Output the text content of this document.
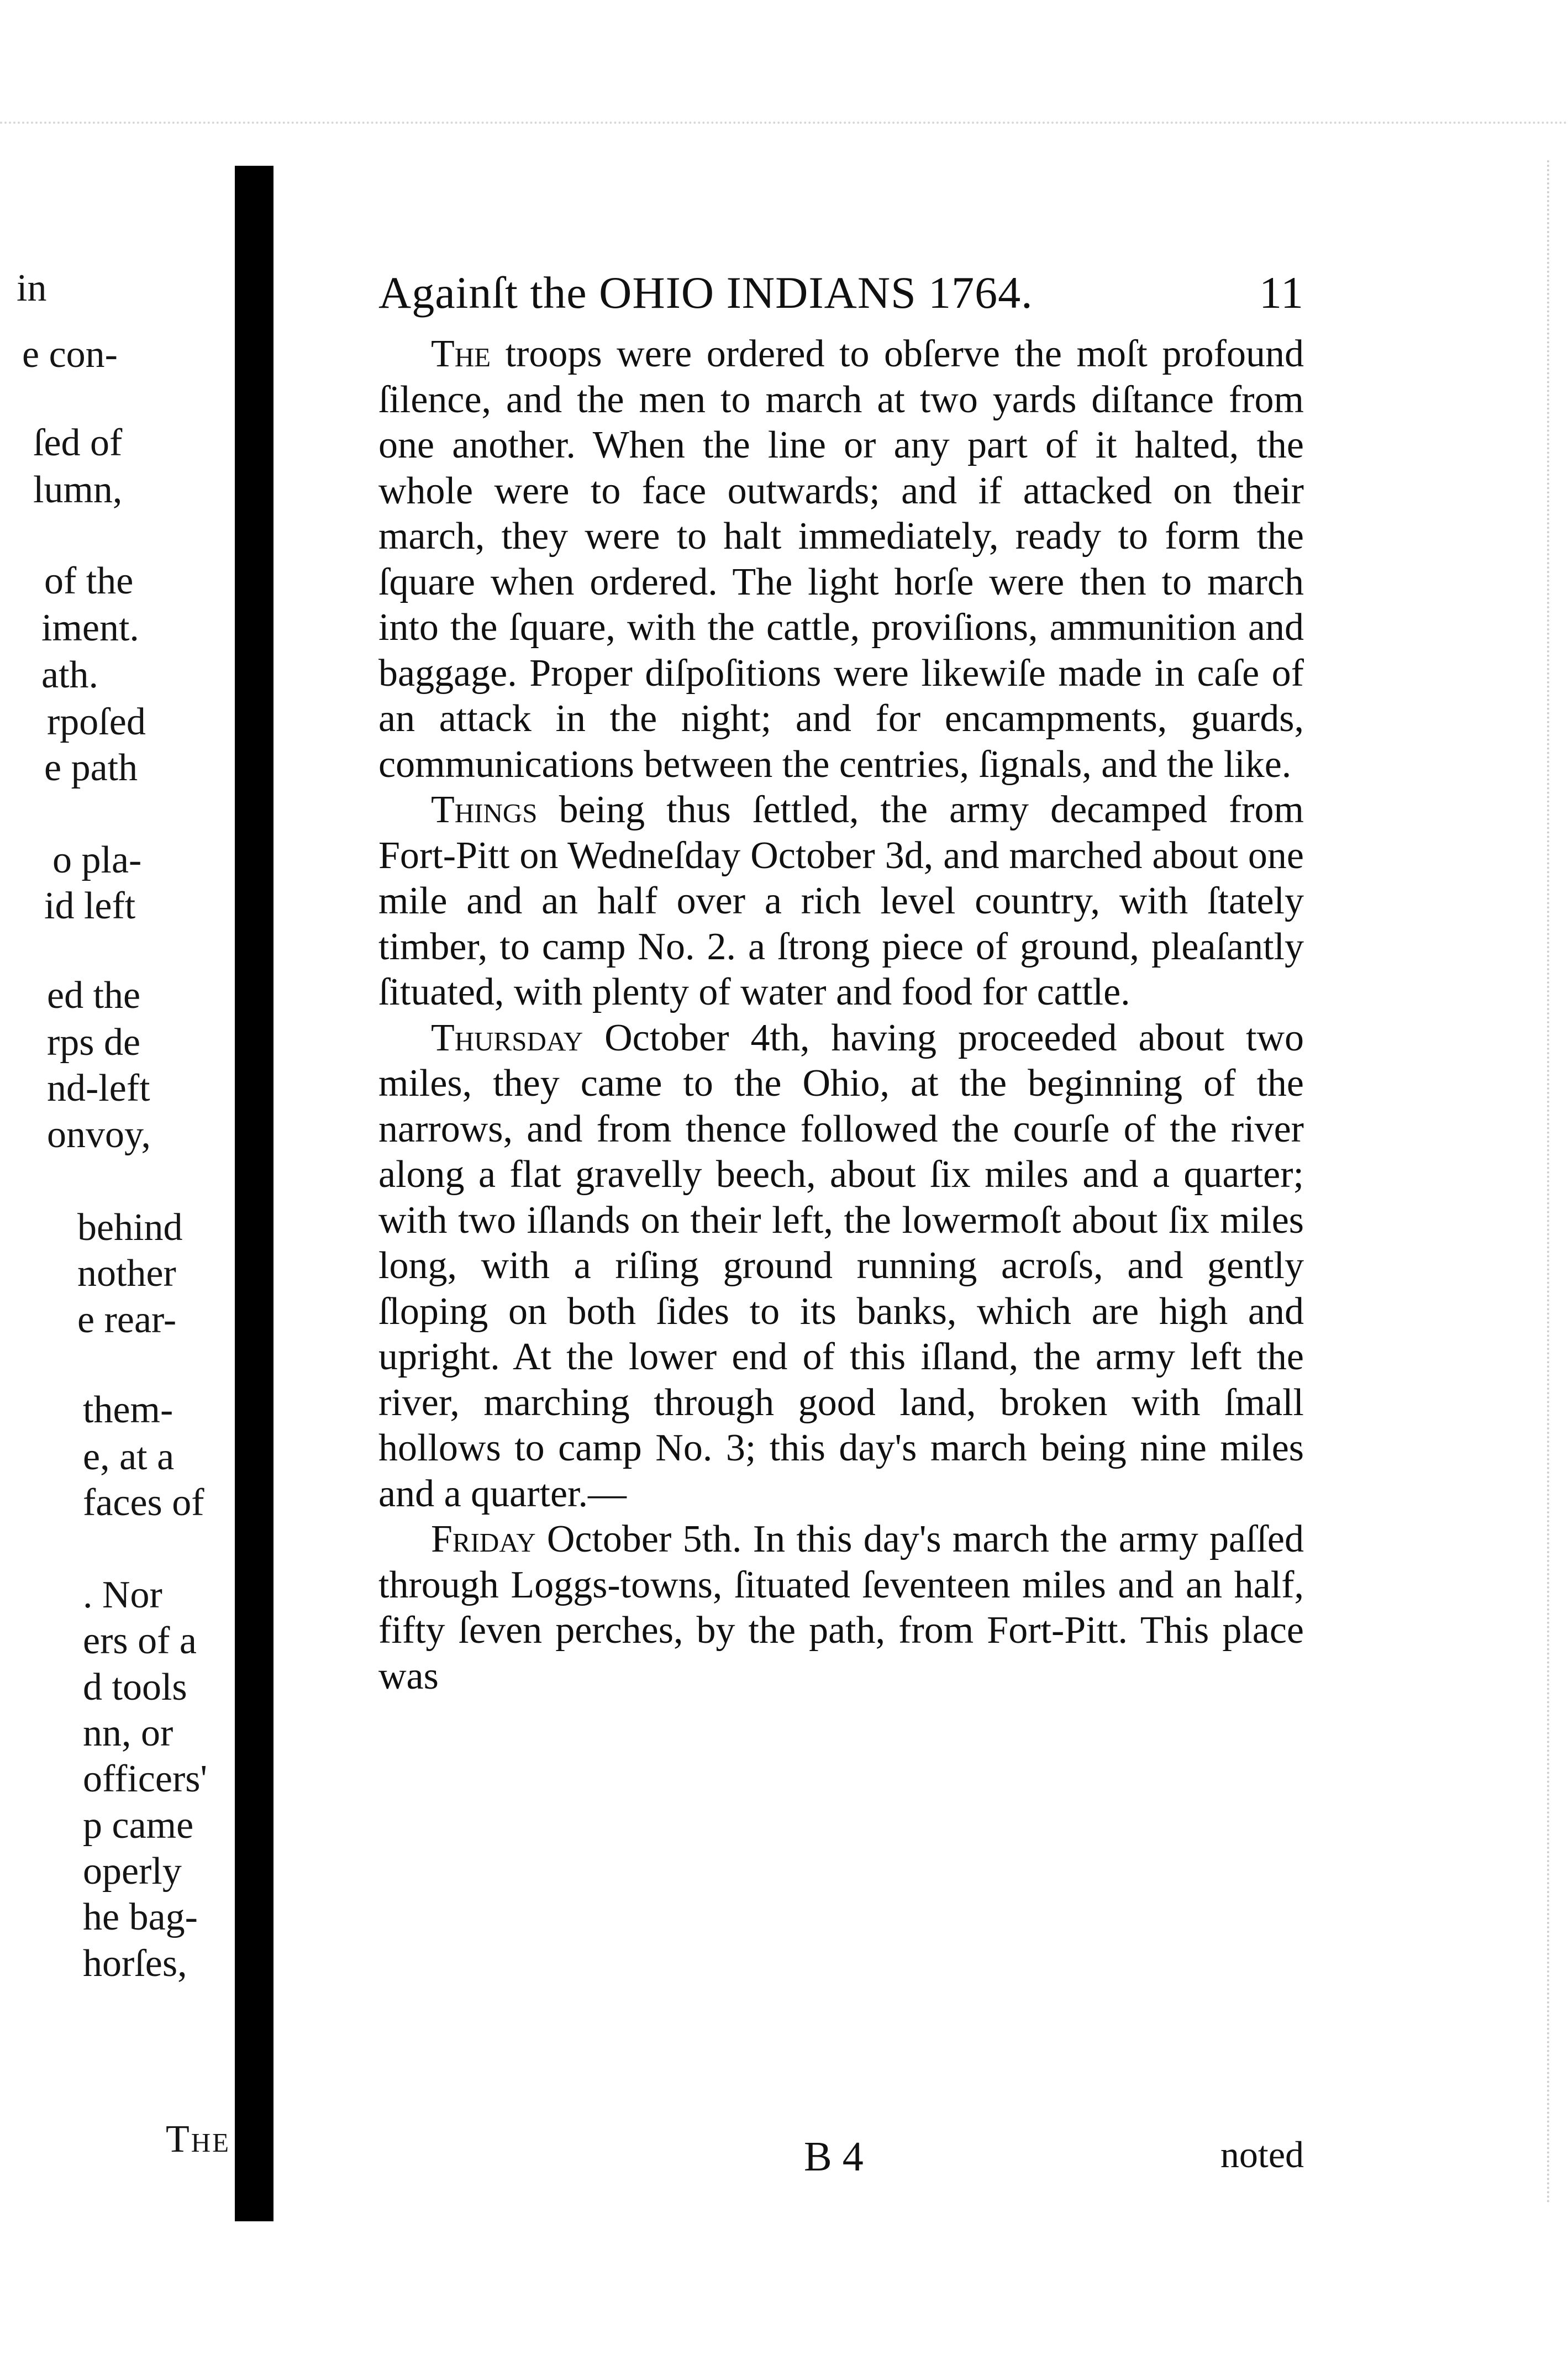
in
e con-
ſed of
lumn,
of the
iment.
ath.
rpoſed
e path
o pla-
id left
ed the
rps de
nd-left
onvoy,
behind
nother
e rear-
them-
e, at a
faces of
. Nor
ers of a
d tools
nn, or
officers'
p came
operly
he bag-
horſes,
The
Againſt the OHIO INDIANS 1764.	11

The troops were ordered to obſerve the moſt profound ſilence, and the men to march at two yards diſtance from one another. When the line or any part of it halted, the whole were to face outwards; and if attacked on their march, they were to halt immediately, ready to form the ſquare when ordered. The light horſe were then to march into the ſquare, with the cattle, proviſions, ammunition and baggage. Proper diſpoſitions were likewiſe made in caſe of an attack in the night; and for encampments, guards, communications between the centries, ſignals, and the like.

Things being thus ſettled, the army decamped from Fort-Pitt on Wedneſday October 3d, and marched about one mile and an half over a rich level country, with ſtately timber, to camp No. 2. a ſtrong piece of ground, pleaſantly ſituated, with plenty of water and food for cattle.

Thursday October 4th, having proceeded about two miles, they came to the Ohio, at the beginning of the narrows, and from thence followed the courſe of the river along a flat gravelly beech, about ſix miles and a quarter; with two iſlands on their left, the lowermoſt about ſix miles long, with a riſing ground running acroſs, and gently ſloping on both ſides to its banks, which are high and upright. At the lower end of this iſland, the army left the river, marching through good land, broken with ſmall hollows to camp No. 3; this day's march being nine miles and a quarter.—

Friday October 5th. In this day's march the army paſſed through Loggs-towns, ſituated ſeventeen miles and an half, fifty ſeven perches, by the path, from Fort-Pitt. This place was

B 4	noted
